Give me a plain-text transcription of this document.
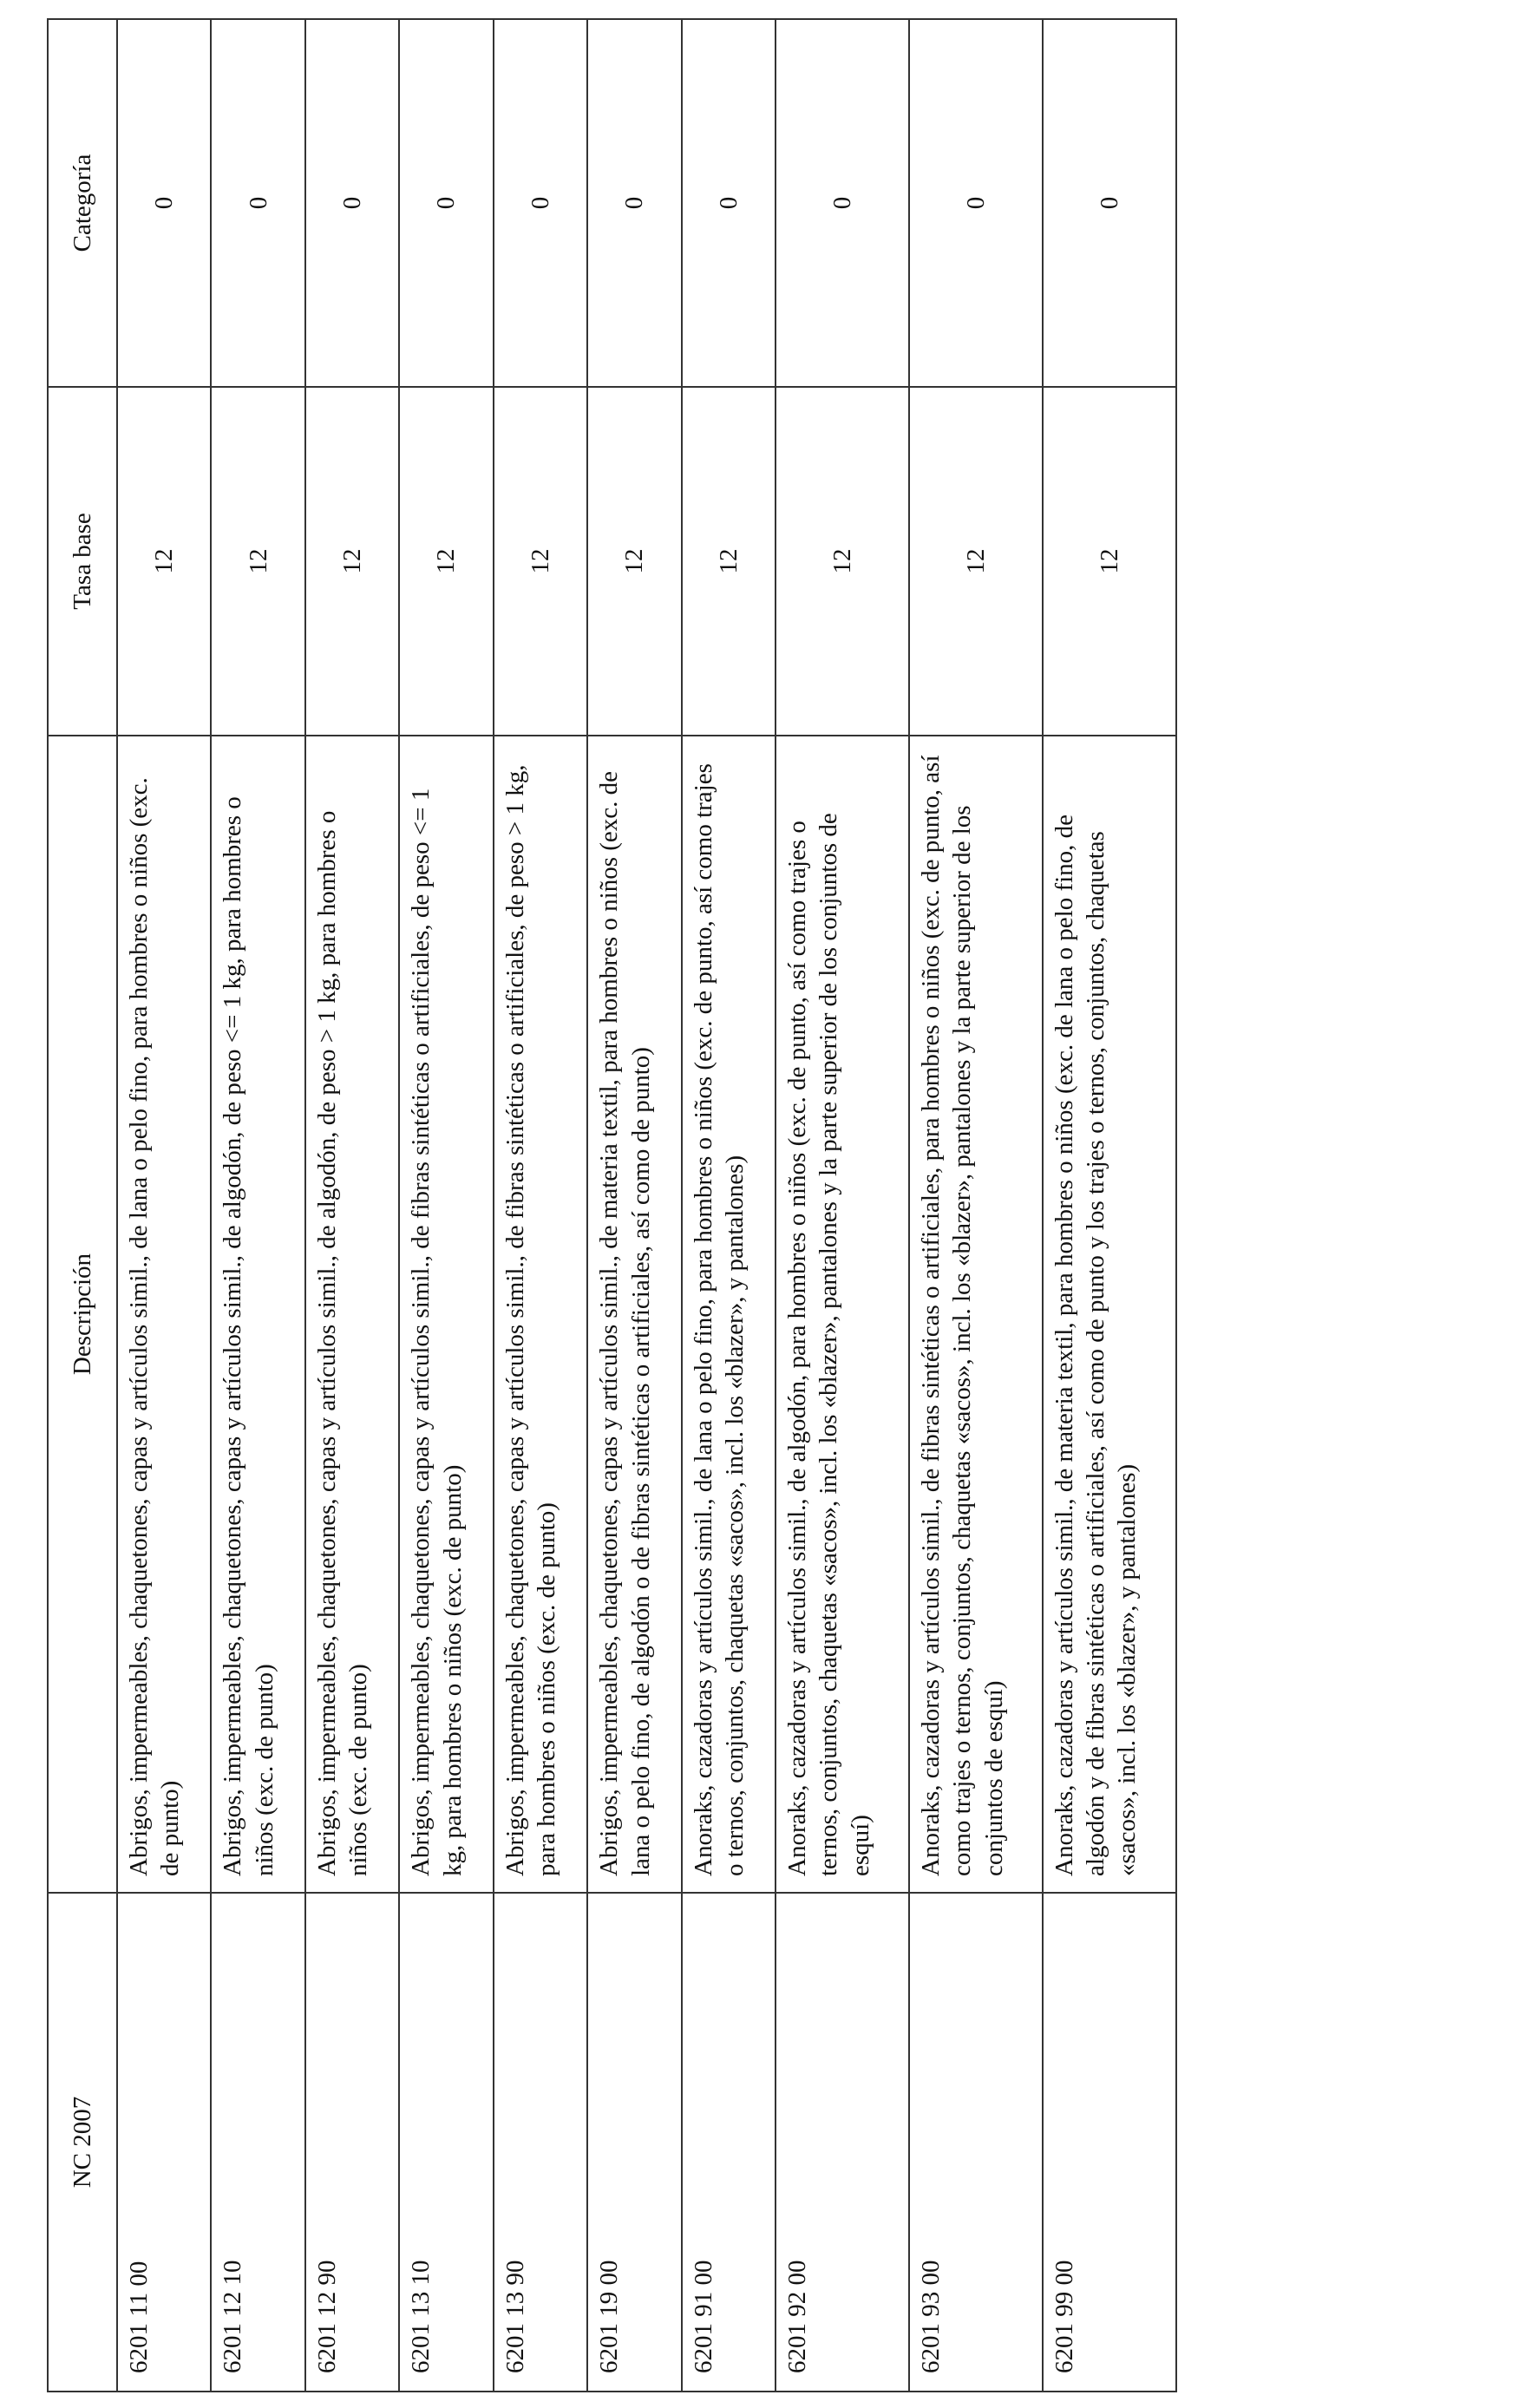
NC 2007	Descripción	Tasa base	Categoría
6201 11 00	Abrigos, impermeables, chaquetones, capas y artículos simil., de lana o pelo fino, para hombres o niños (exc. de punto)	12	0
6201 12 10	Abrigos, impermeables, chaquetones, capas y artículos simil., de algodón, de peso <= 1 kg, para hombres o niños (exc. de punto)	12	0
6201 12 90	Abrigos, impermeables, chaquetones, capas y artículos simil., de algodón, de peso > 1 kg, para hombres o niños (exc. de punto)	12	0
6201 13 10	Abrigos, impermeables, chaquetones, capas y artículos simil., de fibras sintéticas o artificiales, de peso <= 1 kg, para hombres o niños (exc. de punto)	12	0
6201 13 90	Abrigos, impermeables, chaquetones, capas y artículos simil., de fibras sintéticas o artificiales, de peso > 1 kg, para hombres o niños (exc. de punto)	12	0
6201 19 00	Abrigos, impermeables, chaquetones, capas y artículos simil., de materia textil, para hombres o niños (exc. de lana o pelo fino, de algodón o de fibras sintéticas o artificiales, así como de punto)	12	0
6201 91 00	Anoraks, cazadoras y artículos simil., de lana o pelo fino, para hombres o niños (exc. de punto, así como trajes o ternos, conjuntos, chaquetas «sacos», incl. los «blazer», y pantalones)	12	0
6201 92 00	Anoraks, cazadoras y artículos simil., de algodón, para hombres o niños (exc. de punto, así como trajes o ternos, conjuntos, chaquetas «sacos», incl. los «blazer», pantalones y la parte superior de los conjuntos de esquí)	12	0
6201 93 00	Anoraks, cazadoras y artículos simil., de fibras sintéticas o artificiales, para hombres o niños (exc. de punto, así como trajes o ternos, conjuntos, chaquetas «sacos», incl. los «blazer», pantalones y la parte superior de los conjuntos de esquí)	12	0
6201 99 00	Anoraks, cazadoras y artículos simil., de materia textil, para hombres o niños (exc. de lana o pelo fino, de algodón y de fibras sintéticas o artificiales, así como de punto y los trajes o ternos, conjuntos, chaquetas «sacos», incl. los «blazer», y pantalones)	12	0
